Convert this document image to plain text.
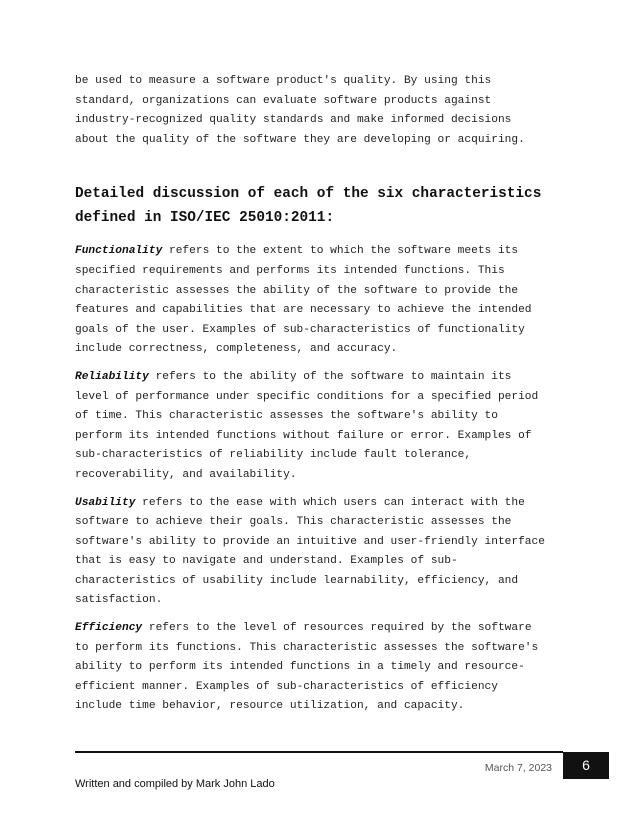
be used to measure a software product's quality. By using this

standard, organizations can evaluate software products against

industry-recognized quality standards and make informed decisions

about the quality of the software they are developing or acquiring.

Detailed discussion of each of the six characteristics

defined in ISO/IEC 25010:2011:

Functionality refers to the extent to which the software meets its

specified requirements and performs its intended functions. This

characteristic assesses the ability of the software to provide the

features and capabilities that are necessary to achieve the intended

goals of the user. Examples of sub-characteristics of functionality

include correctness, completeness, and accuracy.

Reliability refers to the ability of the software to maintain its

level of performance under specific conditions for a specified period

of time. This characteristic assesses the software's ability to

perform its intended functions without failure or error. Examples of

sub-characteristics of reliability include fault tolerance,

recoverability, and availability.

Usability refers to the ease with which users can interact with the

software to achieve their goals. This characteristic assesses the

software's ability to provide an intuitive and user-friendly interface

that is easy to navigate and understand. Examples of sub-

characteristics of usability include learnability, efficiency, and

satisfaction.

Efficiency refers to the level of resources required by the software

to perform its functions. This characteristic assesses the software's

ability to perform its intended functions in a timely and resource-

efficient manner. Examples of sub-characteristics of efficiency

include time behavior, resource utilization, and capacity.

March 7, 2023	6
Written and compiled by Mark John Lado
